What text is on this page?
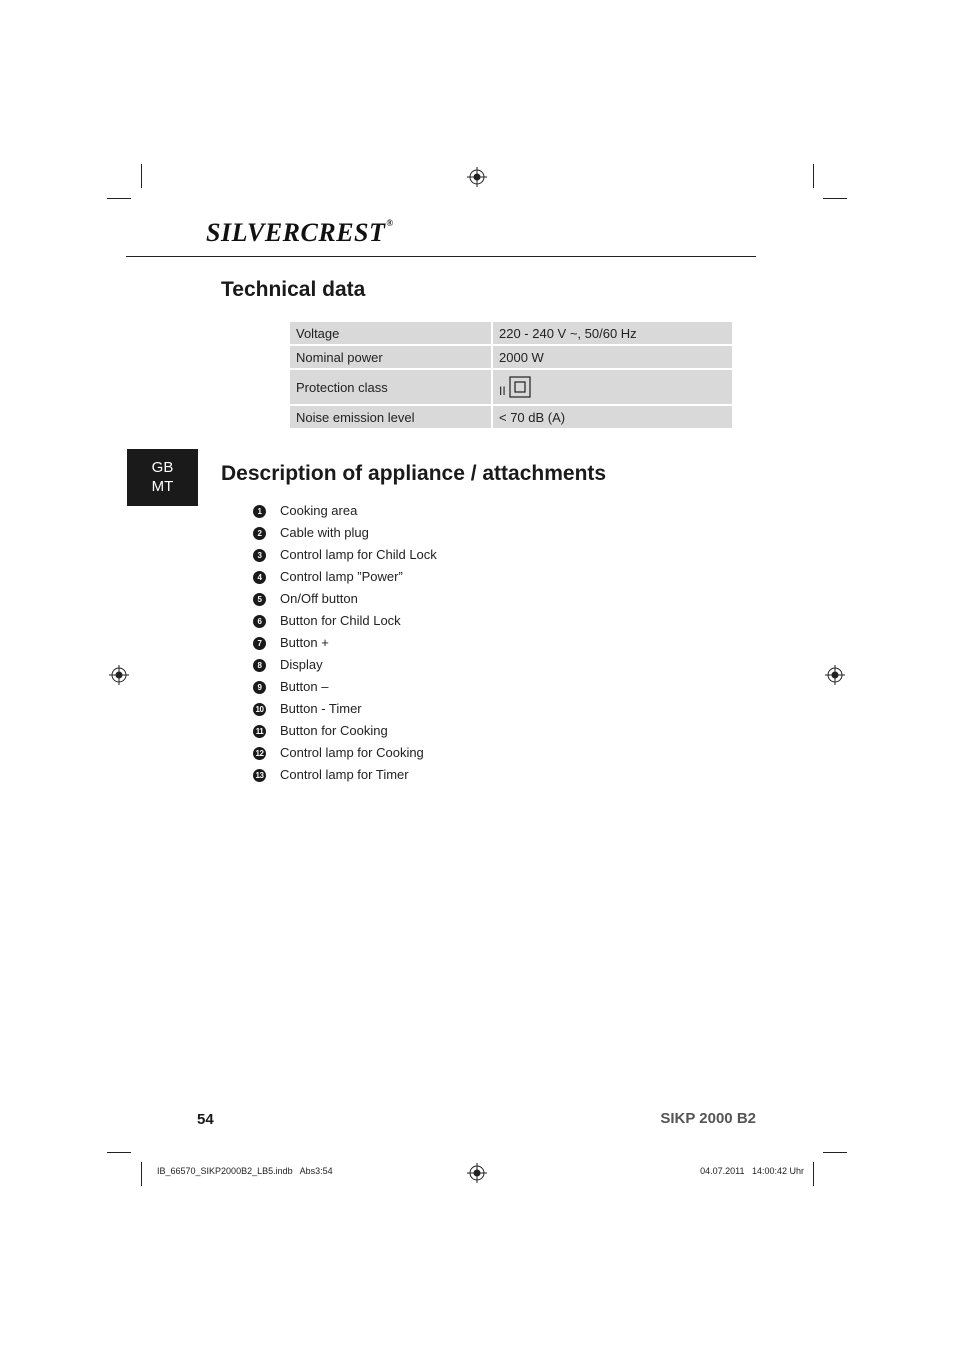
SILVERCREST®
Technical data
Voltage	220 - 240 V ~, 50/60 Hz
Nominal power	2000 W
Protection class	II
Noise emission level	< 70 dB (A)
GB
MT
Description of appliance / attachments
1 Cooking area
2 Cable with plug
3 Control lamp for Child Lock
4 Control lamp ”Power”
5 On/Off button
6 Button for Child Lock
7 Button +
8 Display
9 Button –
10 Button - Timer
11 Button for Cooking
12 Control lamp for Cooking
13 Control lamp for Timer
54	SIKP 2000 B2
IB_66570_SIKP2000B2_LB5.indb   Abs3:54	04.07.2011   14:00:42 Uhr
